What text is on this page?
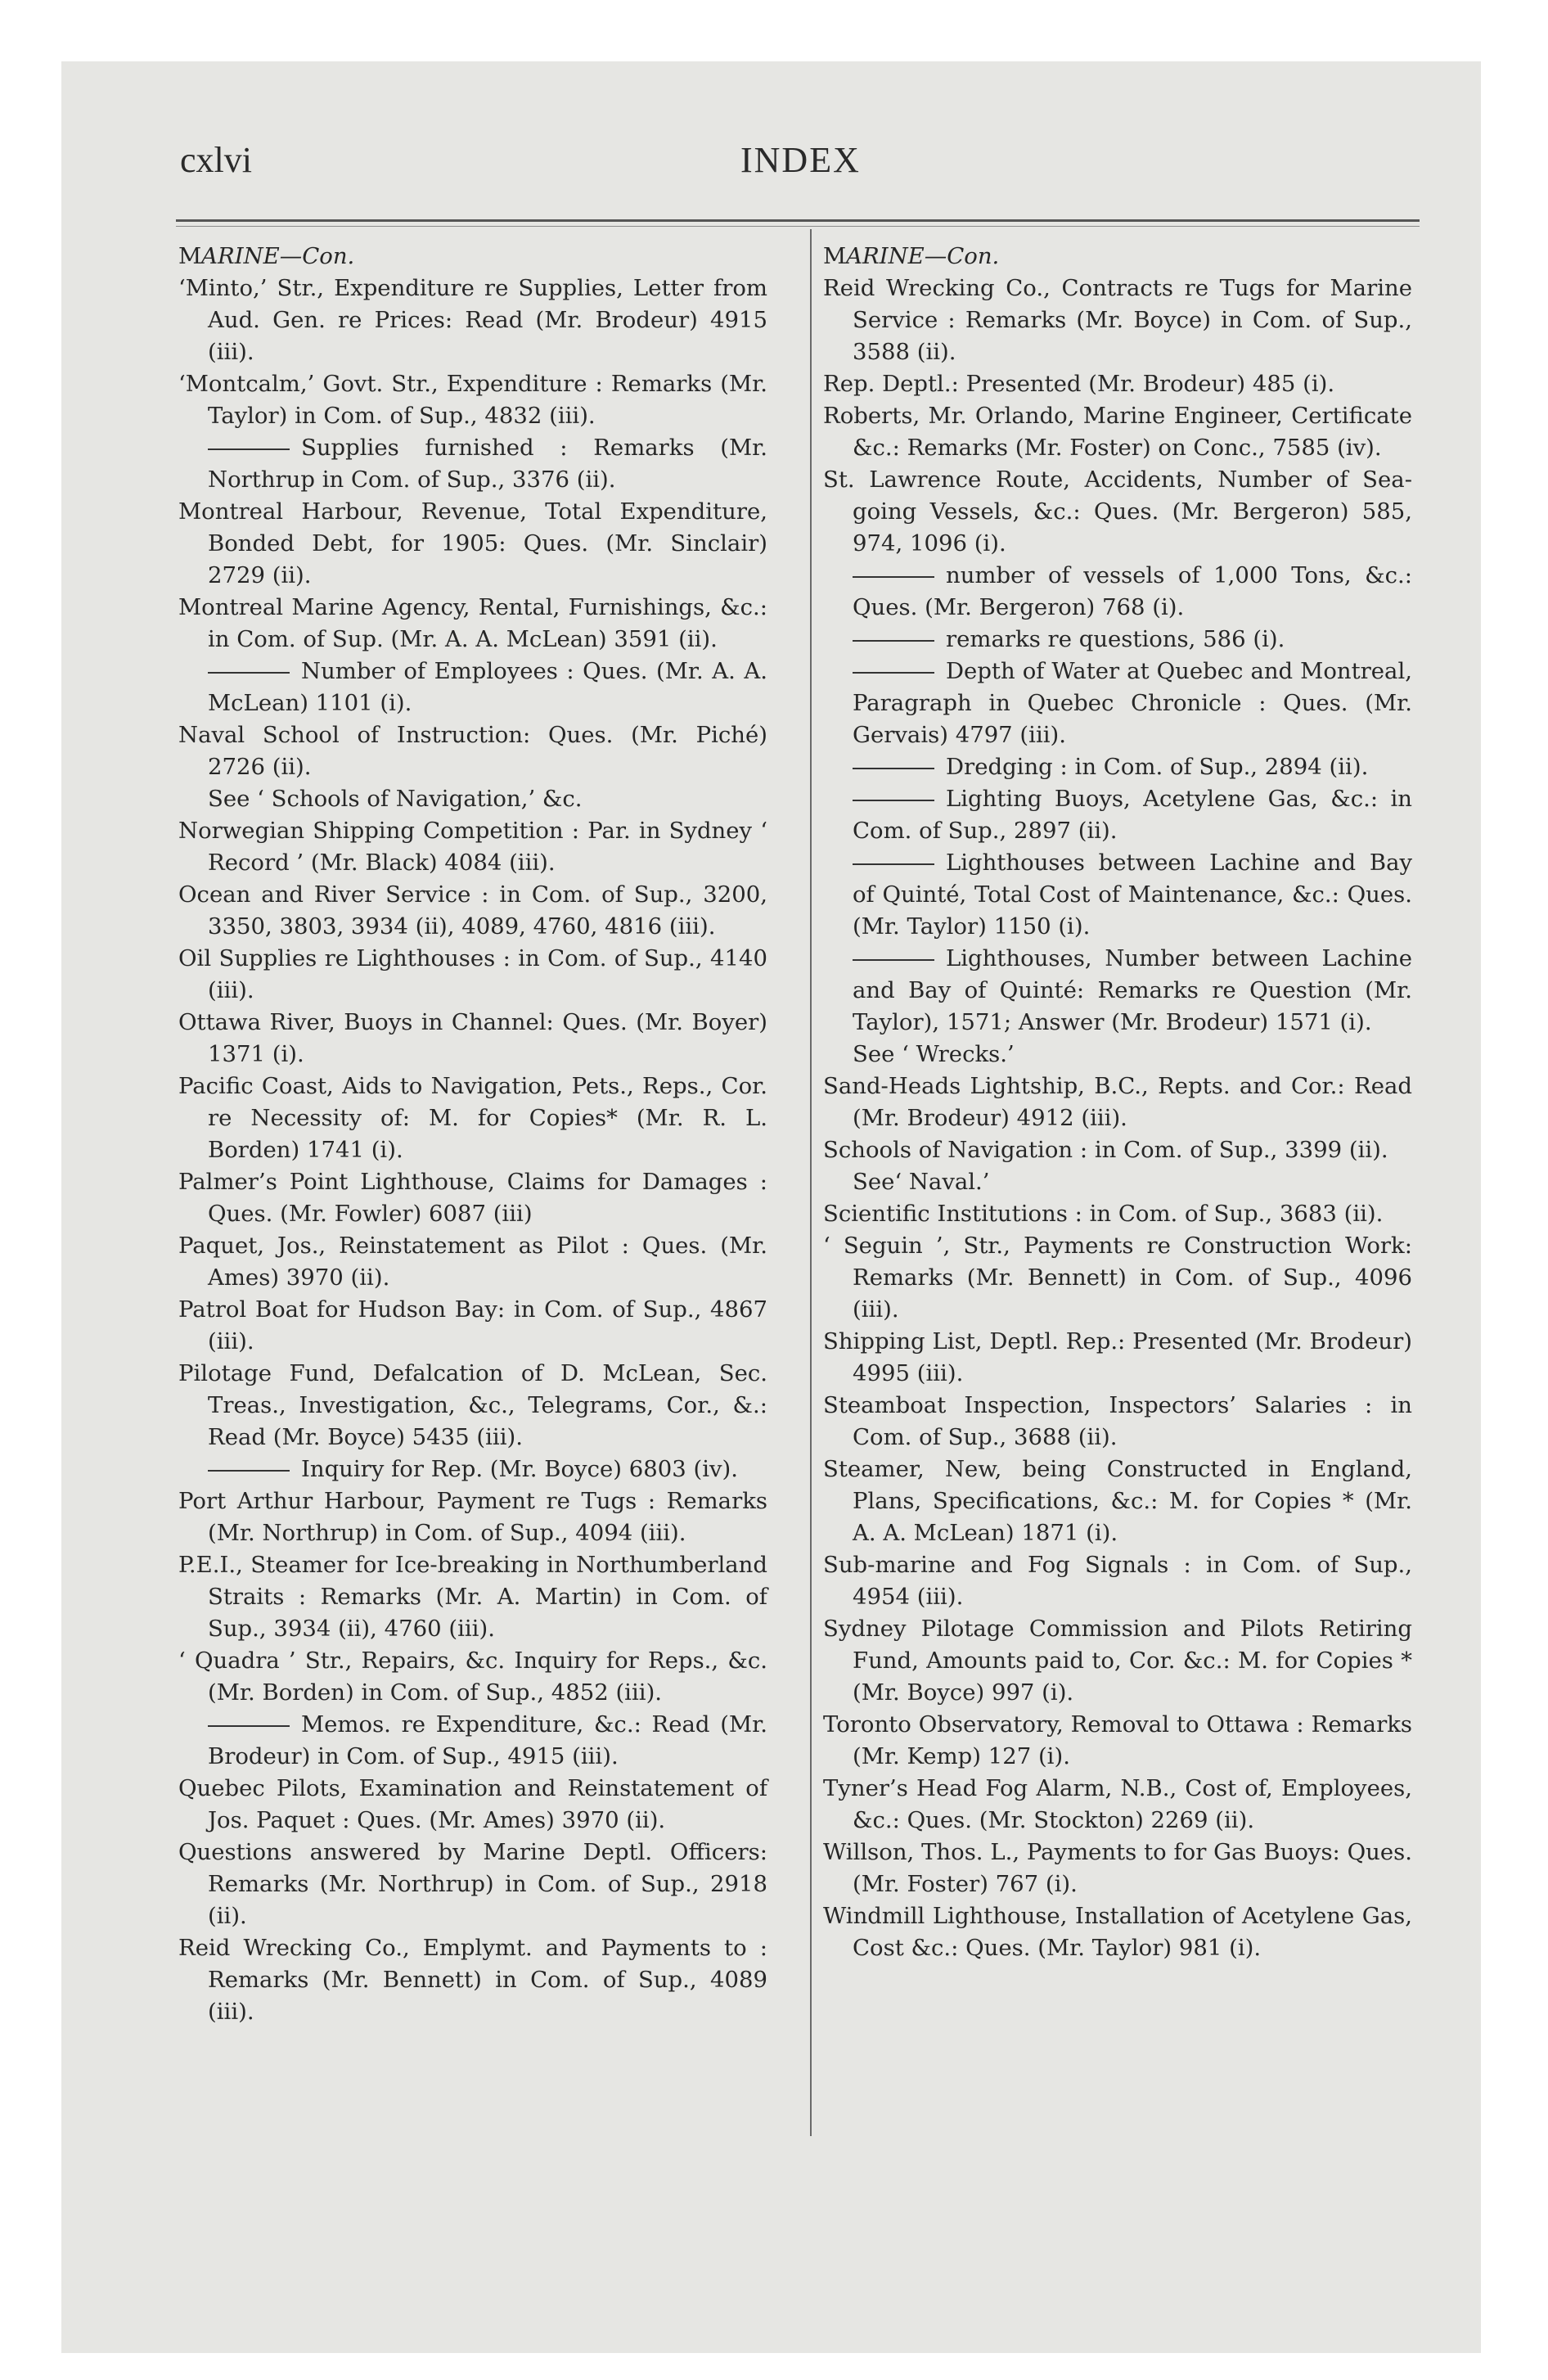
cxlvi	INDEX
MARINE—Con.
‘Minto,’ Str., Expenditure re Supplies, Letter from Aud. Gen. re Prices: Read (Mr. Brodeur) 4915 (iii).
‘Montcalm,’ Govt. Str., Expenditure : Remarks (Mr. Taylor) in Com. of Sup., 4832 (iii).
Supplies furnished : Remarks (Mr. Northrup in Com. of Sup., 3376 (ii).
Montreal Harbour, Revenue, Total Expenditure, Bonded Debt, for 1905: Ques. (Mr. Sinclair) 2729 (ii).
Montreal Marine Agency, Rental, Furnishings, &c.: in Com. of Sup. (Mr. A. A. McLean) 3591 (ii).
Number of Employees : Ques. (Mr. A. A. McLean) 1101 (i).
Naval School of Instruction: Ques. (Mr. Piché) 2726 (ii).
See ‘ Schools of Navigation,’ &c.
Norwegian Shipping Competition : Par. in Sydney ‘ Record ’ (Mr. Black) 4084 (iii).
Ocean and River Service : in Com. of Sup., 3200, 3350, 3803, 3934 (ii), 4089, 4760, 4816 (iii).
Oil Supplies re Lighthouses : in Com. of Sup., 4140 (iii).
Ottawa River, Buoys in Channel: Ques. (Mr. Boyer) 1371 (i).
Pacific Coast, Aids to Navigation, Pets., Reps., Cor. re Necessity of: M. for Copies* (Mr. R. L. Borden) 1741 (i).
Palmer’s Point Lighthouse, Claims for Damages : Ques. (Mr. Fowler) 6087 (iii)
Paquet, Jos., Reinstatement as Pilot : Ques. (Mr. Ames) 3970 (ii).
Patrol Boat for Hudson Bay: in Com. of Sup., 4867 (iii).
Pilotage Fund, Defalcation of D. McLean, Sec. Treas., Investigation, &c., Telegrams, Cor., &.: Read (Mr. Boyce) 5435 (iii).
Inquiry for Rep. (Mr. Boyce) 6803 (iv).
Port Arthur Harbour, Payment re Tugs : Remarks (Mr. Northrup) in Com. of Sup., 4094 (iii).
P.E.I., Steamer for Ice-breaking in Northumberland Straits : Remarks (Mr. A. Martin) in Com. of Sup., 3934 (ii), 4760 (iii).
‘ Quadra ’ Str., Repairs, &c. Inquiry for Reps., &c. (Mr. Borden) in Com. of Sup., 4852 (iii).
Memos. re Expenditure, &c.: Read (Mr. Brodeur) in Com. of Sup., 4915 (iii).
Quebec Pilots, Examination and Reinstatement of Jos. Paquet : Ques. (Mr. Ames) 3970 (ii).
Questions answered by Marine Deptl. Officers: Remarks (Mr. Northrup) in Com. of Sup., 2918 (ii).
Reid Wrecking Co., Emplymt. and Payments to : Remarks (Mr. Bennett) in Com. of Sup., 4089 (iii).
MARINE—Con.
Reid Wrecking Co., Contracts re Tugs for Marine Service : Remarks (Mr. Boyce) in Com. of Sup., 3588 (ii).
Rep. Deptl.: Presented (Mr. Brodeur) 485 (i).
Roberts, Mr. Orlando, Marine Engineer, Certificate &c.: Remarks (Mr. Foster) on Conc., 7585 (iv).
St. Lawrence Route, Accidents, Number of Sea-going Vessels, &c.: Ques. (Mr. Bergeron) 585, 974, 1096 (i).
number of vessels of 1,000 Tons, &c.: Ques. (Mr. Bergeron) 768 (i).
remarks re questions, 586 (i).
Depth of Water at Quebec and Montreal, Paragraph in Quebec Chronicle : Ques. (Mr. Gervais) 4797 (iii).
Dredging : in Com. of Sup., 2894 (ii).
Lighting Buoys, Acetylene Gas, &c.: in Com. of Sup., 2897 (ii).
Lighthouses between Lachine and Bay of Quinté, Total Cost of Maintenance, &c.: Ques. (Mr. Taylor) 1150 (i).
Lighthouses, Number between Lachine and Bay of Quinté: Remarks re Question (Mr. Taylor), 1571; Answer (Mr. Brodeur) 1571 (i).
See ‘ Wrecks.’
Sand-Heads Lightship, B.C., Repts. and Cor.: Read (Mr. Brodeur) 4912 (iii).
Schools of Navigation : in Com. of Sup., 3399 (ii).
See‘ Naval.’
Scientific Institutions : in Com. of Sup., 3683 (ii).
‘ Seguin ’, Str., Payments re Construction Work: Remarks (Mr. Bennett) in Com. of Sup., 4096 (iii).
Shipping List, Deptl. Rep.: Presented (Mr. Brodeur) 4995 (iii).
Steamboat Inspection, Inspectors’ Salaries : in Com. of Sup., 3688 (ii).
Steamer, New, being Constructed in England, Plans, Specifications, &c.: M. for Copies * (Mr. A. A. McLean) 1871 (i).
Sub-marine and Fog Signals : in Com. of Sup., 4954 (iii).
Sydney Pilotage Commission and Pilots Retiring Fund, Amounts paid to, Cor. &c.: M. for Copies * (Mr. Boyce) 997 (i).
Toronto Observatory, Removal to Ottawa : Remarks (Mr. Kemp) 127 (i).
Tyner’s Head Fog Alarm, N.B., Cost of, Employees, &c.: Ques. (Mr. Stockton) 2269 (ii).
Willson, Thos. L., Payments to for Gas Buoys: Ques. (Mr. Foster) 767 (i).
Windmill Lighthouse, Installation of Acetylene Gas, Cost &c.: Ques. (Mr. Taylor) 981 (i).
